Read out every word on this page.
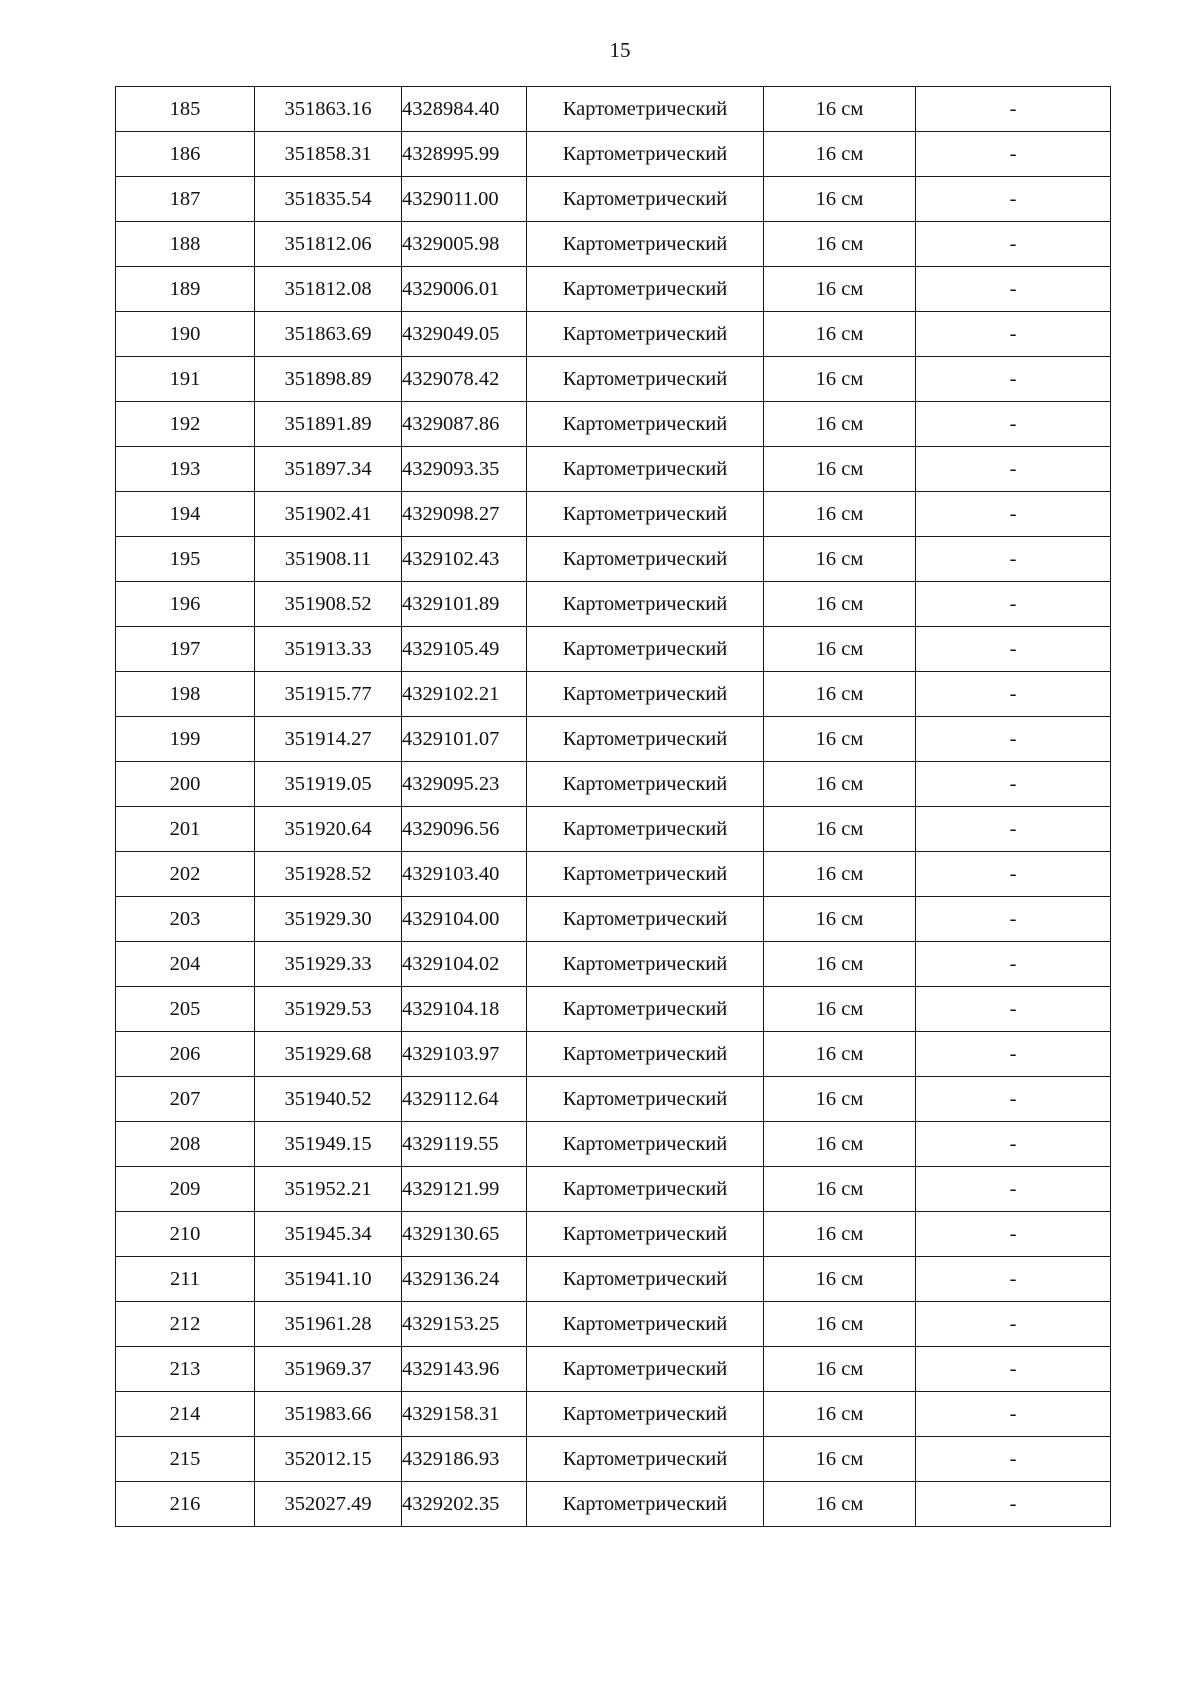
15
185	351863.16	4328984.40	Картометрический	16 см	-
186	351858.31	4328995.99	Картометрический	16 см	-
187	351835.54	4329011.00	Картометрический	16 см	-
188	351812.06	4329005.98	Картометрический	16 см	-
189	351812.08	4329006.01	Картометрический	16 см	-
190	351863.69	4329049.05	Картометрический	16 см	-
191	351898.89	4329078.42	Картометрический	16 см	-
192	351891.89	4329087.86	Картометрический	16 см	-
193	351897.34	4329093.35	Картометрический	16 см	-
194	351902.41	4329098.27	Картометрический	16 см	-
195	351908.11	4329102.43	Картометрический	16 см	-
196	351908.52	4329101.89	Картометрический	16 см	-
197	351913.33	4329105.49	Картометрический	16 см	-
198	351915.77	4329102.21	Картометрический	16 см	-
199	351914.27	4329101.07	Картометрический	16 см	-
200	351919.05	4329095.23	Картометрический	16 см	-
201	351920.64	4329096.56	Картометрический	16 см	-
202	351928.52	4329103.40	Картометрический	16 см	-
203	351929.30	4329104.00	Картометрический	16 см	-
204	351929.33	4329104.02	Картометрический	16 см	-
205	351929.53	4329104.18	Картометрический	16 см	-
206	351929.68	4329103.97	Картометрический	16 см	-
207	351940.52	4329112.64	Картометрический	16 см	-
208	351949.15	4329119.55	Картометрический	16 см	-
209	351952.21	4329121.99	Картометрический	16 см	-
210	351945.34	4329130.65	Картометрический	16 см	-
211	351941.10	4329136.24	Картометрический	16 см	-
212	351961.28	4329153.25	Картометрический	16 см	-
213	351969.37	4329143.96	Картометрический	16 см	-
214	351983.66	4329158.31	Картометрический	16 см	-
215	352012.15	4329186.93	Картометрический	16 см	-
216	352027.49	4329202.35	Картометрический	16 см	-
